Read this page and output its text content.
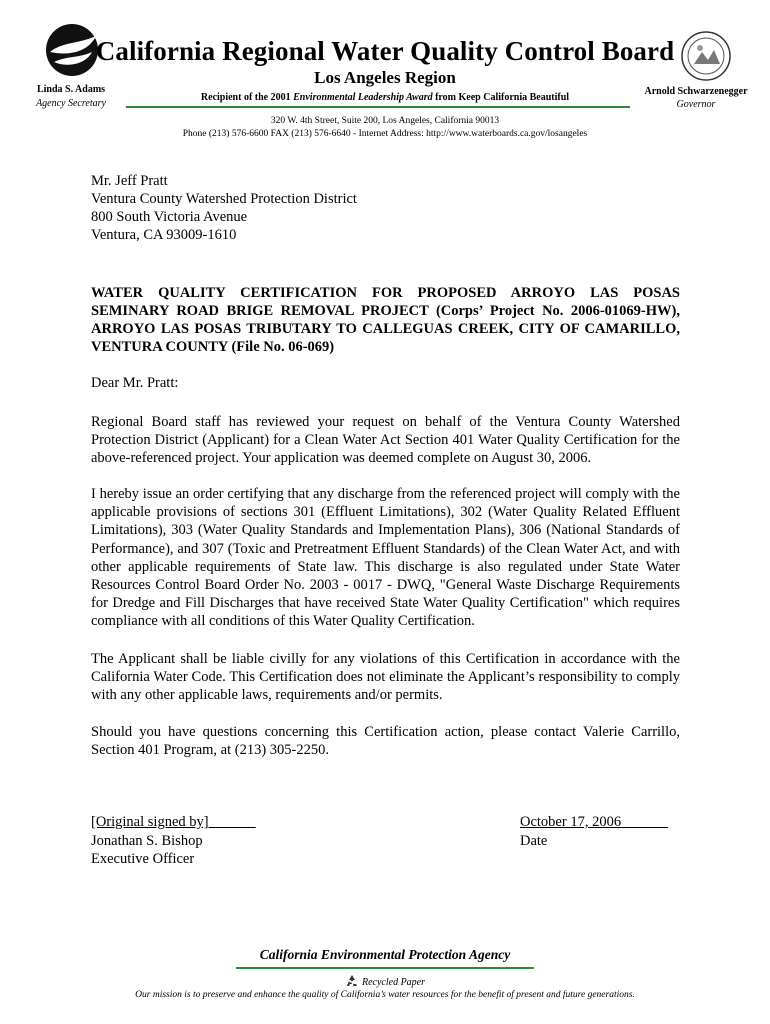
California Regional Water Quality Control Board
Los Angeles Region
Linda S. Adams
Agency Secretary
Arnold Schwarzenegger
Governor
Recipient of the 2001 Environmental Leadership Award from Keep California Beautiful
320 W. 4th Street, Suite 200, Los Angeles, California 90013
Phone (213) 576-6600 FAX (213) 576-6640 - Internet Address: http://www.waterboards.ca.gov/losangeles
Mr. Jeff Pratt
Ventura County Watershed Protection District
800 South Victoria Avenue
Ventura, CA 93009-1610
WATER QUALITY CERTIFICATION FOR PROPOSED ARROYO LAS POSAS SEMINARY ROAD BRIGE REMOVAL PROJECT (Corps’ Project No. 2006-01069-HW), ARROYO LAS POSAS TRIBUTARY TO CALLEGUAS CREEK, CITY OF CAMARILLO, VENTURA COUNTY (File No. 06-069)
Dear Mr. Pratt:
Regional Board staff has reviewed your request on behalf of the Ventura County Watershed Protection District (Applicant) for a Clean Water Act Section 401 Water Quality Certification for the above-referenced project. Your application was deemed complete on August 30, 2006.
I hereby issue an order certifying that any discharge from the referenced project will comply with the applicable provisions of sections 301 (Effluent Limitations), 302 (Water Quality Related Effluent Limitations), 303 (Water Quality Standards and Implementation Plans), 306 (National Standards of Performance), and 307 (Toxic and Pretreatment Effluent Standards) of the Clean Water Act, and with other applicable requirements of State law. This discharge is also regulated under State Water Resources Control Board Order No. 2003 - 0017 - DWQ, "General Waste Discharge Requirements for Dredge and Fill Discharges that have received State Water Quality Certification" which requires compliance with all conditions of this Water Quality Certification.
The Applicant shall be liable civilly for any violations of this Certification in accordance with the California Water Code. This Certification does not eliminate the Applicant’s responsibility to comply with any other applicable laws, requirements and/or permits.
Should you have questions concerning this Certification action, please contact Valerie Carrillo, Section 401 Program, at (213) 305-2250.
[Original signed by]
Jonathan S. Bishop
Executive Officer
October 17, 2006
Date
California Environmental Protection Agency
Recycled Paper
Our mission is to preserve and enhance the quality of California’s water resources for the benefit of present and future generations.
